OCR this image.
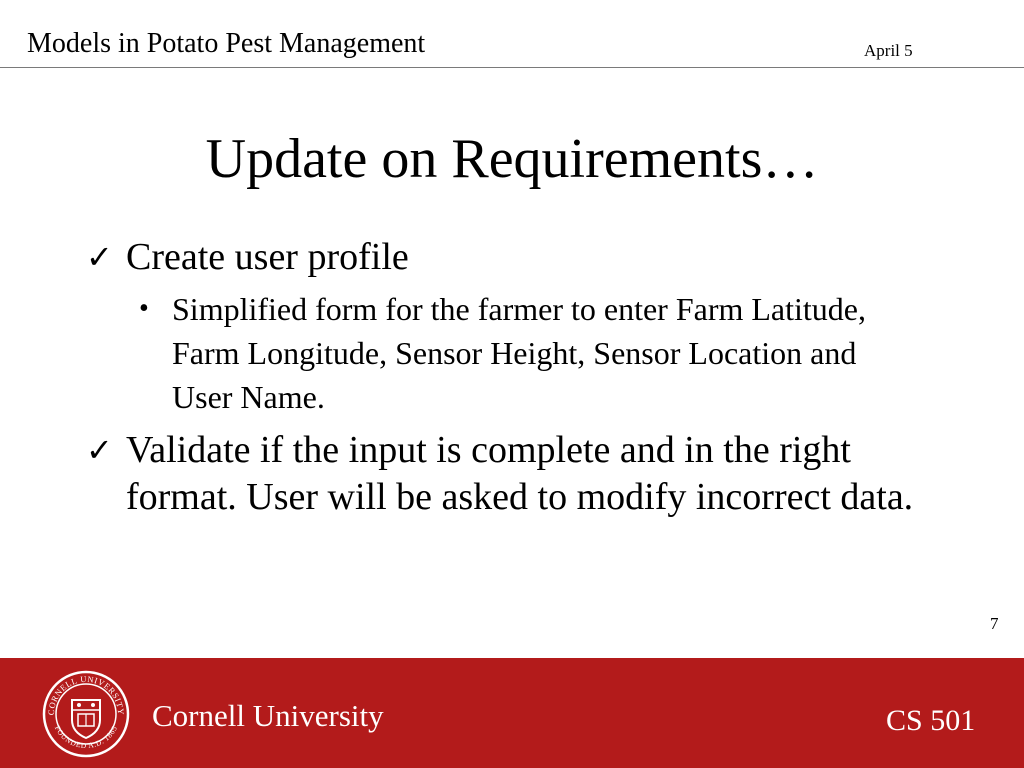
Models in Potato Pest Management	April 5
Update on Requirements…
✓ Create user profile
• Simplified form for the farmer to enter Farm Latitude, Farm Longitude, Sensor Height, Sensor Location and User Name.
✓ Validate if the input is complete and in the right format. User will be asked to modify incorrect data.
7
CORNELL UNIVERSITY
FOUNDED A.D. 1865 Cornell University	CS 501
